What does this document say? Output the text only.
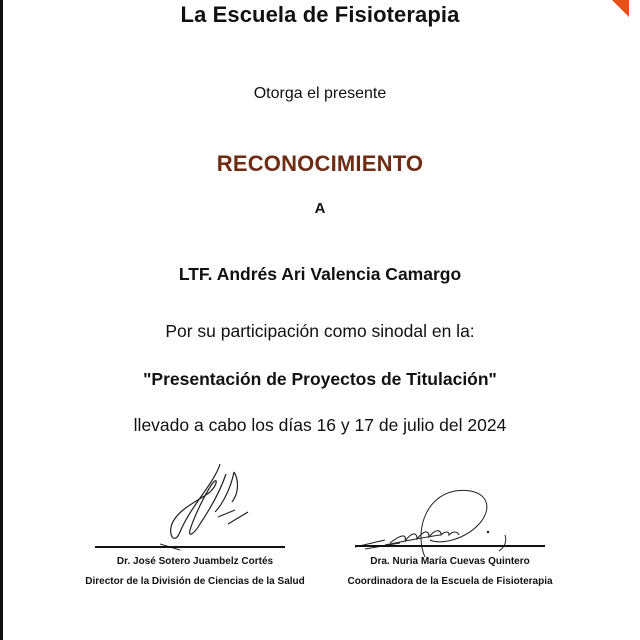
La Escuela de Fisioterapia
Otorga el presente
RECONOCIMIENTO
A
LTF. Andrés Ari Valencia Camargo
Por su participación como sinodal en la:
"Presentación de Proyectos de Titulación"
llevado a cabo los días 16 y 17 de julio del 2024
Dr. José Sotero Juambelz Cortés
Director de la División de Ciencias de la Salud
Dra. Nuria María Cuevas Quintero
Coordinadora de la Escuela de Fisioterapia
